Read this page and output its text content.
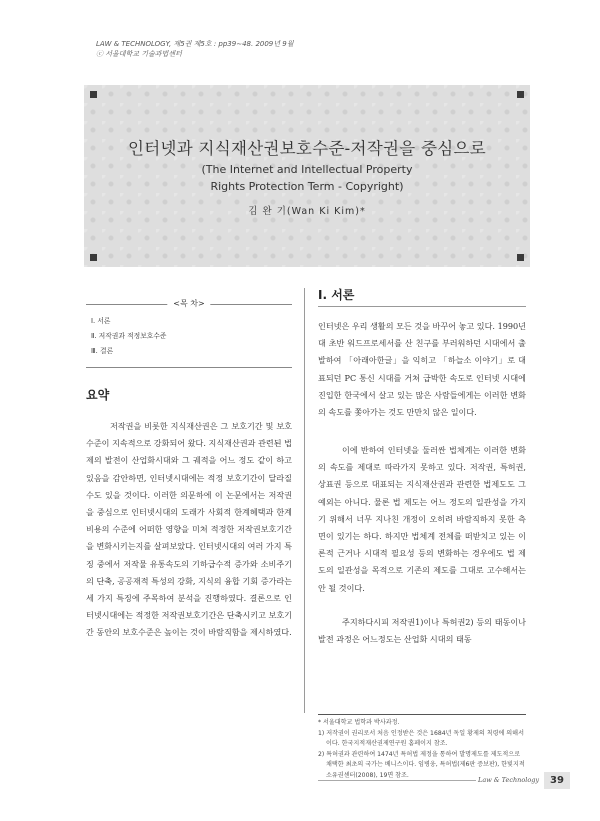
LAW & TECHNOLOGY, 제5권 제5호 : pp39∼48. 2009년 9월
ⓒ 서울대학교 기술과법센터
인터넷과 지식재산권보호수준-저작권을 중심으로
(The Internet and Intellectual Property
Rights Protection Term - Copyright)
김 완 기(Wan Ki Kim)*
<목 차>
Ⅰ. 서론
Ⅱ. 저작권과 적정보호수준
Ⅲ. 결론
요약

저작권을 비롯한 지식재산권은 그 보호기간 및 보호수준이 지속적으로 강화되어 왔다. 지식재산권과 관련된 법제의 발전이 산업화시대와 그 궤적을 어느 정도 같이 하고 있음을 감안하면, 인터넷시대에는 적정 보호기간이 달라질 수도 있을 것이다. 이러한 의문하에 이 논문에서는 저작권을 중심으로 인터넷시대의 도래가 사회적 한계혜택과 한계비용의 수준에 어떠한 영향을 미쳐 적정한 저작권보호기간을 변화시키는지를 살펴보았다. 인터넷시대의 여러 가지 특징 중에서 저작물 유통속도의 기하급수적 증가와 소비주기의 단축, 공공재적 특성의 강화, 지식의 융합 기회 증가라는 세 가지 특징에 주목하여 분석을 진행하였다. 결론으로 인터넷시대에는 적정한 저작권보호기간은 단축시키고 보호기간 동안의 보호수준은 높이는 것이 바람직함을 제시하였다.

Ⅰ. 서론

인터넷은 우리 생활의 모든 것을 바꾸어 놓고 있다. 1990년대 초반 워드프로세서를 산 친구를 부러워하던 시대에서 출발하여 「아래아한글」을 익히고 「하늘소 이야기」로 대표되던 PC 통신 시대를 거쳐 급박한 속도로 인터넷 시대에 진입한 한국에서 살고 있는 많은 사람들에게는 이러한 변화의 속도를 쫓아가는 것도 만만치 않은 일이다.

이에 반하여 인터넷을 둘러싼 법체계는 이러한 변화의 속도를 제대로 따라가지 못하고 있다. 저작권, 특허권, 상표권 등으로 대표되는 지식재산권과 관련한 법제도도 그 예외는 아니다. 물론 법 제도는 어느 정도의 일관성을 가지기 위해서 너무 지나친 개정이 오히려 바람직하지 못한 측면이 있기는 하다. 하지만 법체계 전체를 떠받치고 있는 이론적 근거나 시대적 필요성 등의 변화하는 경우에도 법 제도의 일관성을 목적으로 기존의 제도를 그대로 고수해서는 안 될 것이다.

주지하다시피 저작권1)이나 특허권2) 등의 태동이나 발전 과정은 어느정도는 산업화 시대의 태동

* 서울대학교 법학과 박사과정.

1) 저작권이 권리로서 처음 인정받은 것은 1684년 독일 황제의 칙령에 의해서이다. 한국지적재산권제연구원 홈페이지 참조.

2) 특허권과 관련하여 1474년 특허법 제정을 통하여 발명제도를 제도적으로 채택한 최초의 국가는 베니스이다. 임병웅, 특허법(제6판 증보판), 한빛지적소유권센터(2008), 19면 참조.

Law & Technology	39
